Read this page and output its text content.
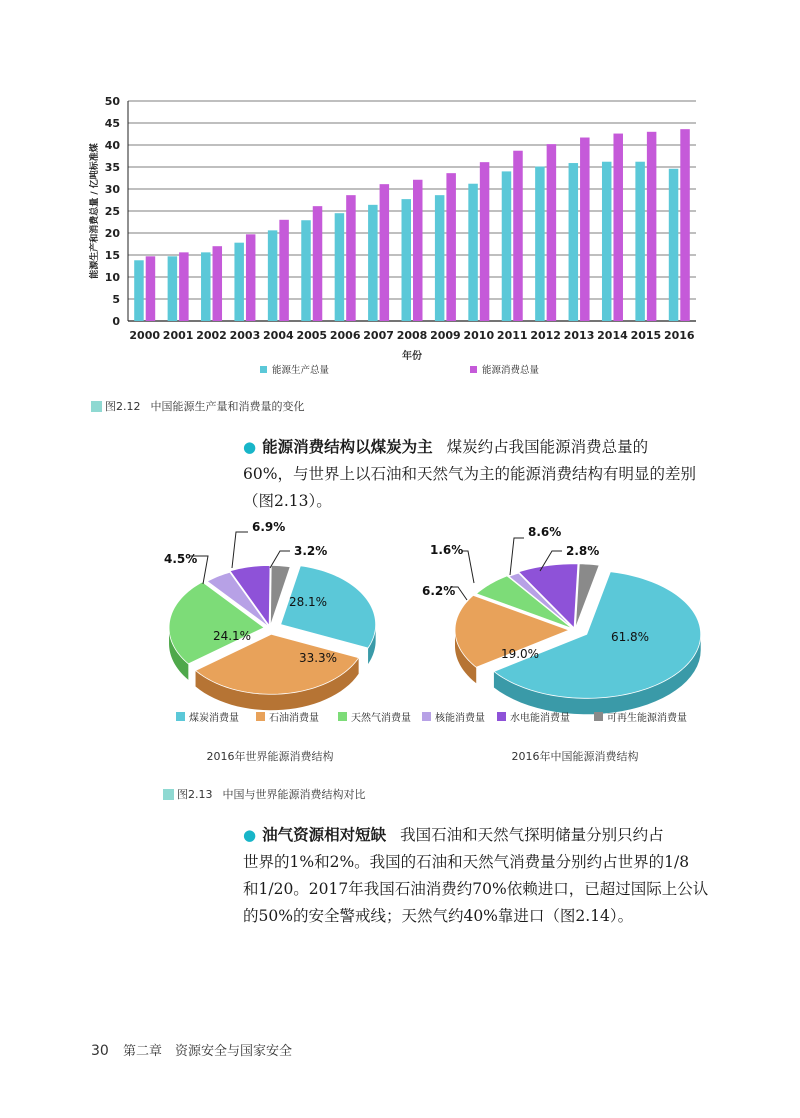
0
5
10
15
20
25
30
35
40
45
50
2000 2001 2002 2003 2004 2005 2006 2007 2008 2009 2010 2011 2012 2013 2014 2015 2016
年份
能源生产和消费总量 / 亿吨标准煤
能源生产总量	能源消费总量
28.1%
33.3%
24.1%
4.5%
6.9%
3.2%
2016年世界能源消费结构
61.8%
19.0%
6.2%
1.6%
8.6%
2.8%
2016年中国能源消费结构
煤炭消费量	石油消费量	天然气消费量 核能消费量	水电能消费量	可再生能源消费量
图2.12 中国能源生产量和消费量的变化
● 能源消费结构以煤炭为主 煤炭约占我国能源消费总量的
60%，与世界上以石油和天然气为主的能源消费结构有明显的差别
（图2.13）。
图2.13 中国与世界能源消费结构对比
● 油气资源相对短缺 我国石油和天然气探明储量分别只约占
世界的1%和2%。我国的石油和天然气消费量分别约占世界的1/8
和1/20。2017年我国石油消费约70%依赖进口，已超过国际上公认
的50%的安全警戒线；天然气约40%靠进口（图2.14）。
30 第二章　资源安全与国家安全
